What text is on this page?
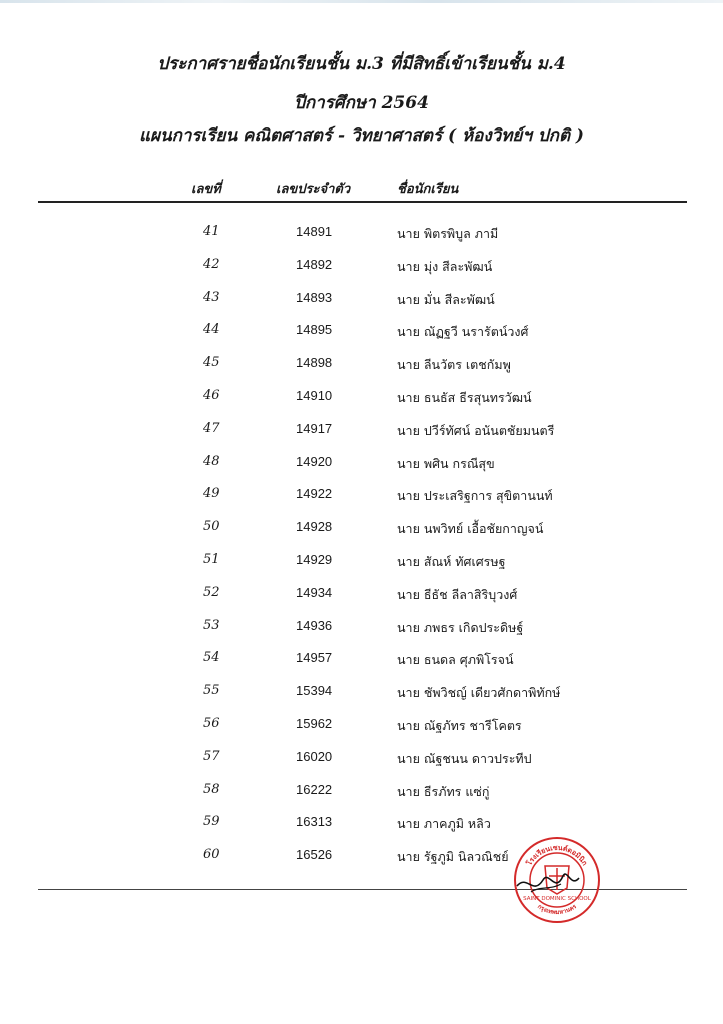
ประกาศรายชื่อนักเรียนชั้น ม.3 ที่มีสิทธิ์เข้าเรียนชั้น ม.4
ปีการศึกษา 2564
แผนการเรียน คณิตศาสตร์ - วิทยาศาสตร์ ( ห้องวิทย์ฯ ปกติ )
เลขที่	เลขประจำตัว	ชื่อนักเรียน
41	14891	นาย พิตรพิบูล ภามี
42	14892	นาย มุ่ง สีละพัฒน์
43	14893	นาย มั่น สีละพัฒน์
44	14895	นาย ณัฏฐวี นรารัตน์วงศ์
45	14898	นาย ลีนวัตร เตชกัมพู
46	14910	นาย ธนธัส ธีรสุนทรวัฒน์
47	14917	นาย ปวีร์ทัศน์ อนันตชัยมนตรี
48	14920	นาย พศิน กรณีสุข
49	14922	นาย ประเสริฐการ สุขิตานนท์
50	14928	นาย นพวิทย์ เอื้อชัยกาญจน์
51	14929	นาย สัณห์ ทัศเศรษฐ
52	14934	นาย ธีธัช ลีลาสิริบุวงศ์
53	14936	นาย ภพธร เกิดประดิษฐ์
54	14957	นาย ธนดล ศุภพิโรจน์
55	15394	นาย ชัพวิชญ์ เดียวศักดาพิทักษ์
56	15962	นาย ณัฐภัทร ชารีโคตร
57	16020	นาย ณัฐชนน ดาวประทีป
58	16222	นาย ธีรภัทร แซ่กู่
59	16313	นาย ภาคภูมิ หลิว
60	16526	นาย รัฐภูมิ นิลวณิชย์ โรงเรียนเซนต์ดอมินิก
กรุงเทพมหานคร
SAINT DOMINIC SCHOOL
